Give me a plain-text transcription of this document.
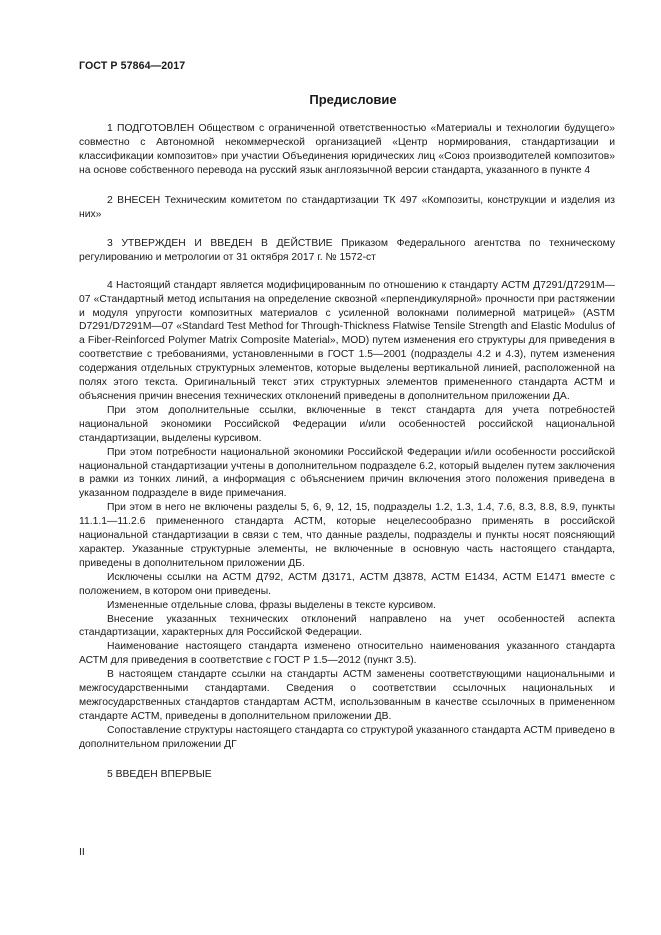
ГОСТ Р 57864—2017
Предисловие

1 ПОДГОТОВЛЕН Обществом с ограниченной ответственностью «Материалы и технологии будущего» совместно с Автономной некоммерческой организацией «Центр нормирования, стандартизации и классификации композитов» при участии Объединения юридических лиц «Союз производителей композитов» на основе собственного перевода на русский язык англоязычной версии стандарта, указанного в пункте 4

2 ВНЕСЕН Техническим комитетом по стандартизации ТК 497 «Композиты, конструкции и изделия из них»

3 УТВЕРЖДЕН И ВВЕДЕН В ДЕЙСТВИЕ Приказом Федерального агентства по техническому регулированию и метрологии от 31 октября 2017 г. № 1572-ст

4 Настоящий стандарт является модифицированным по отношению к стандарту АСТМ Д7291/Д7291М—07 «Стандартный метод испытания на определение сквозной «перпендикулярной» прочности при растяжении и модуля упругости композитных материалов с усиленной волокнами полимерной матрицей» (ASTM D7291/D7291M—07 «Standard Test Method for Through-Thickness Flatwise Tensile Strength and Elastic Modulus of a Fiber-Reinforced Polymer Matrix Composite Material», MOD) путем изменения его структуры для приведения в соответствие с требованиями, установленными в ГОСТ 1.5—2001 (подразделы 4.2 и 4.3), путем изменения содержания отдельных структурных элементов, которые выделены вертикальной линией, расположенной на полях этого текста. Оригинальный текст этих структурных элементов примененного стандарта АСТМ и объяснения причин внесения технических отклонений приведены в дополнительном приложении ДА.

При этом дополнительные ссылки, включенные в текст стандарта для учета потребностей национальной экономики Российской Федерации и/или особенностей российской национальной стандартизации, выделены курсивом.

При этом потребности национальной экономики Российской Федерации и/или особенности российской национальной стандартизации учтены в дополнительном подразделе 6.2, который выделен путем заключения в рамки из тонких линий, а информация с объяснением причин включения этого положения приведена в указанном подразделе в виде примечания.

При этом в него не включены разделы 5, 6, 9, 12, 15, подразделы 1.2, 1.3, 1.4, 7.6, 8.3, 8.8, 8.9, пункты 11.1.1—11.2.6 примененного стандарта АСТМ, которые нецелесообразно применять в российской национальной стандартизации в связи с тем, что данные разделы, подразделы и пункты носят поясняющий характер. Указанные структурные элементы, не включенные в основную часть настоящего стандарта, приведены в дополнительном приложении ДБ.

Исключены ссылки на АСТМ Д792, АСТМ Д3171, АСТМ Д3878, АСТМ Е1434, АСТМ Е1471 вместе с положением, в котором они приведены.

Измененные отдельные слова, фразы выделены в тексте курсивом.

Внесение указанных технических отклонений направлено на учет особенностей аспекта стандартизации, характерных для Российской Федерации.

Наименование настоящего стандарта изменено относительно наименования указанного стандарта АСТМ для приведения в соответствие с ГОСТ Р 1.5—2012 (пункт 3.5).

В настоящем стандарте ссылки на стандарты АСТМ заменены соответствующими национальными и межгосударственными стандартами. Сведения о соответствии ссылочных национальных и межгосударственных стандартов стандартам АСТМ, использованным в качестве ссылочных в примененном стандарте АСТМ, приведены в дополнительном приложении ДВ.

Сопоставление структуры настоящего стандарта со структурой указанного стандарта АСТМ приведено в дополнительном приложении ДГ

5 ВВЕДЕН ВПЕРВЫЕ

II
